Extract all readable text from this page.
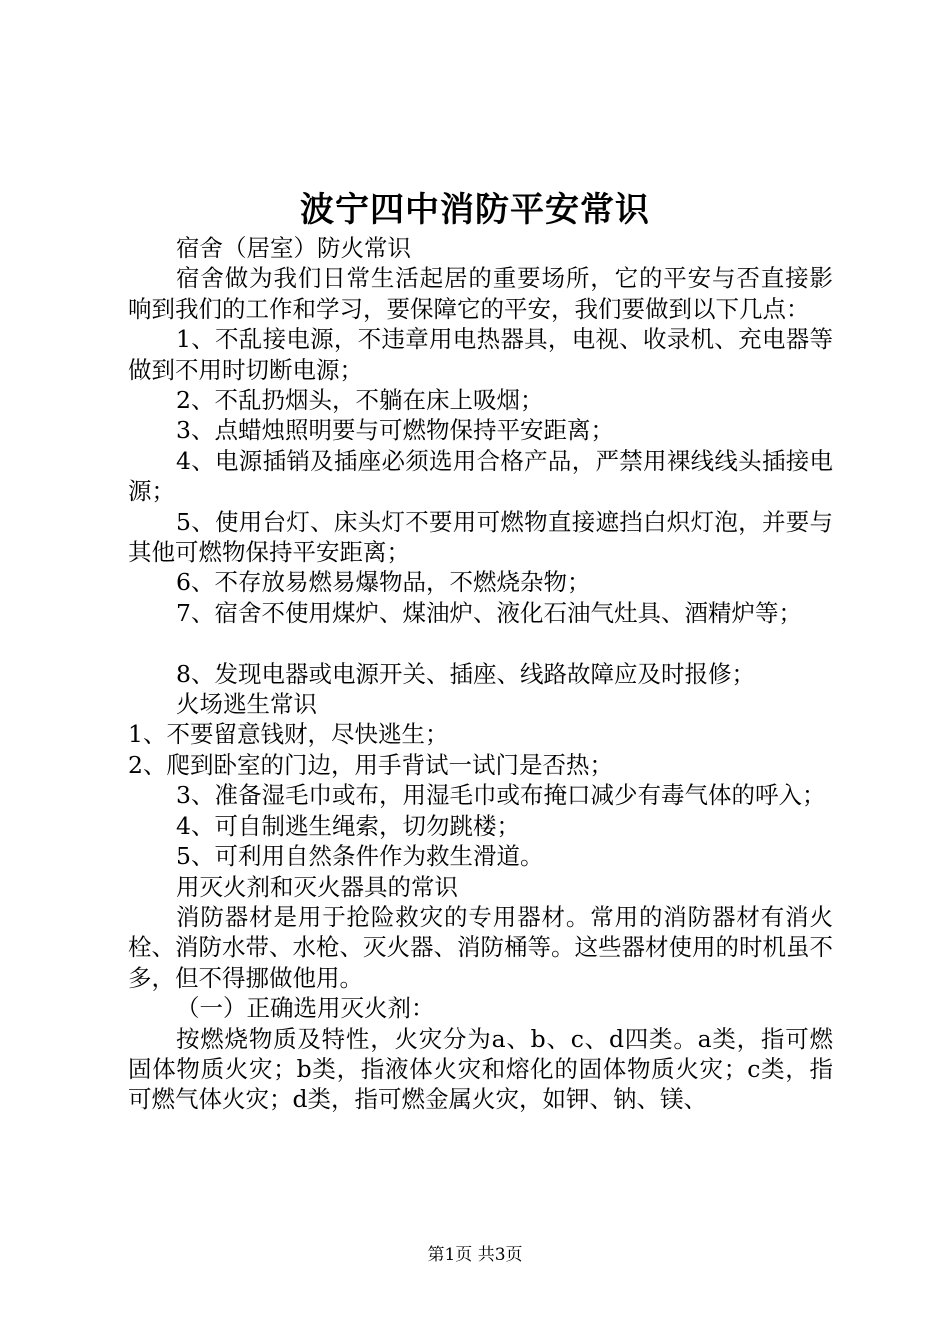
波宁四中消防平安常识

宿舍（居室）防火常识

宿舍做为我们日常生活起居的重要场所，它的平安与否直接影响到我们的工作和学习，要保障它的平安，我们要做到以下几点：

1、不乱接电源，不违章用电热器具，电视、收录机、充电器等做到不用时切断电源；

2、不乱扔烟头，不躺在床上吸烟；

3、点蜡烛照明要与可燃物保持平安距离；

4、电源插销及插座必须选用合格产品，严禁用裸线线头插接电源；

5、使用台灯、床头灯不要用可燃物直接遮挡白炽灯泡，并要与其他可燃物保持平安距离；

6、不存放易燃易爆物品，不燃烧杂物；

7、宿舍不使用煤炉、煤油炉、液化石油气灶具、酒精炉等；

8、发现电器或电源开关、插座、线路故障应及时报修；

火场逃生常识

1、不要留意钱财，尽快逃生；

2、爬到卧室的门边，用手背试一试门是否热；

3、准备湿毛巾或布，用湿毛巾或布掩口减少有毒气体的呼入；

4、可自制逃生绳索，切勿跳楼；

5、可利用自然条件作为救生滑道。

用灭火剂和灭火器具的常识

消防器材是用于抢险救灾的专用器材。常用的消防器材有消火栓、消防水带、水枪、灭火器、消防桶等。这些器材使用的时机虽不多，但不得挪做他用。

（一）正确选用灭火剂：

按燃烧物质及特性，火灾分为a、b、c、d四类。a类，指可燃固体物质火灾；b类，指液体火灾和熔化的固体物质火灾；c类，指可燃气体火灾；d类，指可燃金属火灾，如钾、钠、镁、

第1页 共3页
